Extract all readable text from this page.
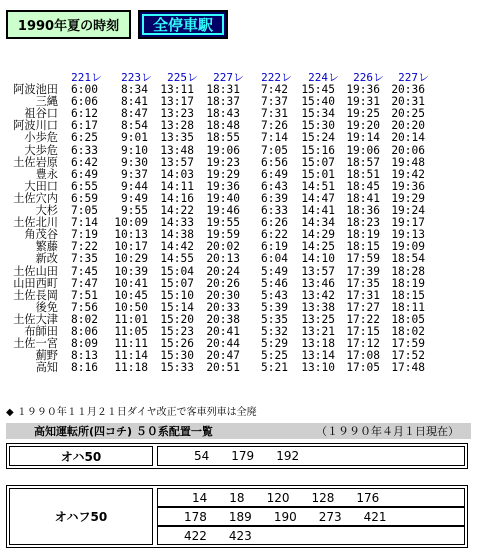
1990年夏の時刻 全停車駅
221レ 223レ 225レ 227レ 222レ 224レ 226レ 227レ
阿波池田 6:00 8:34 13:11 18:31 7:42 15:45 19:36 20:36
三縄 6:06 8:41 13:17 18:37 7:37 15:40 19:31 20:31
祖谷口 6:12 8:47 13:23 18:43 7:31 15:34 19:25 20:25
阿波川口 6:17 8:54 13:28 18:48 7:26 15:30 19:20 20:20
小歩危 6:25 9:01 13:35 18:55 7:14 15:24 19:14 20:14
大歩危 6:33 9:10 13:48 19:06 7:05 15:16 19:06 20:06
土佐岩原 6:42 9:30 13:57 19:23 6:56 15:07 18:57 19:48
豊永 6:49 9:37 14:03 19:29 6:49 15:01 18:51 19:42
大田口 6:55 9:44 14:11 19:36 6:43 14:51 18:45 19:36
土佐穴内 6:59 9:49 14:16 19:40 6:39 14:47 18:41 19:29
大杉 7:05 9:55 14:22 19:46 6:33 14:41 18:36 19:24
土佐北川 7:14 10:09 14:33 19:55 6:26 14:34 18:23 19:17
角茂谷 7:19 10:13 14:38 19:59 6:22 14:29 18:19 19:13
繁藤 7:22 10:17 14:42 20:02 6:19 14:25 18:15 19:09
新改 7:35 10:29 14:55 20:13 6:04 14:10 17:59 18:54
土佐山田 7:45 10:39 15:04 20:24 5:49 13:57 17:39 18:28
山田西町 7:47 10:41 15:07 20:26 5:46 13:46 17:35 18:19
土佐長岡 7:51 10:45 15:10 20:30 5:43 13:42 17:31 18:15
後免 7:56 10:50 15:14 20:33 5:39 13:38 17:27 18:11
土佐大津 8:02 11:01 15:20 20:38 5:35 13:25 17:22 18:05
布師田 8:06 11:05 15:23 20:41 5:32 13:21 17:15 18:02
土佐一宮 8:09 11:11 15:26 20:44 5:29 13:18 17:12 17:59
薊野 8:13 11:14 15:30 20:47 5:25 13:14 17:08 17:52
高知 8:16 11:18 15:33 20:51 5:21 13:10 17:05 17:48
◆ １９９０年１１月２１日ダイヤ改正で客車列車は全廃
高知運転所(四コチ) ５０系配置一覧	（１９９０年４月１日現在）
オハ50	54 179 192
オハフ50
14 18 120 128 176
178 189 190 273 421
422 423
